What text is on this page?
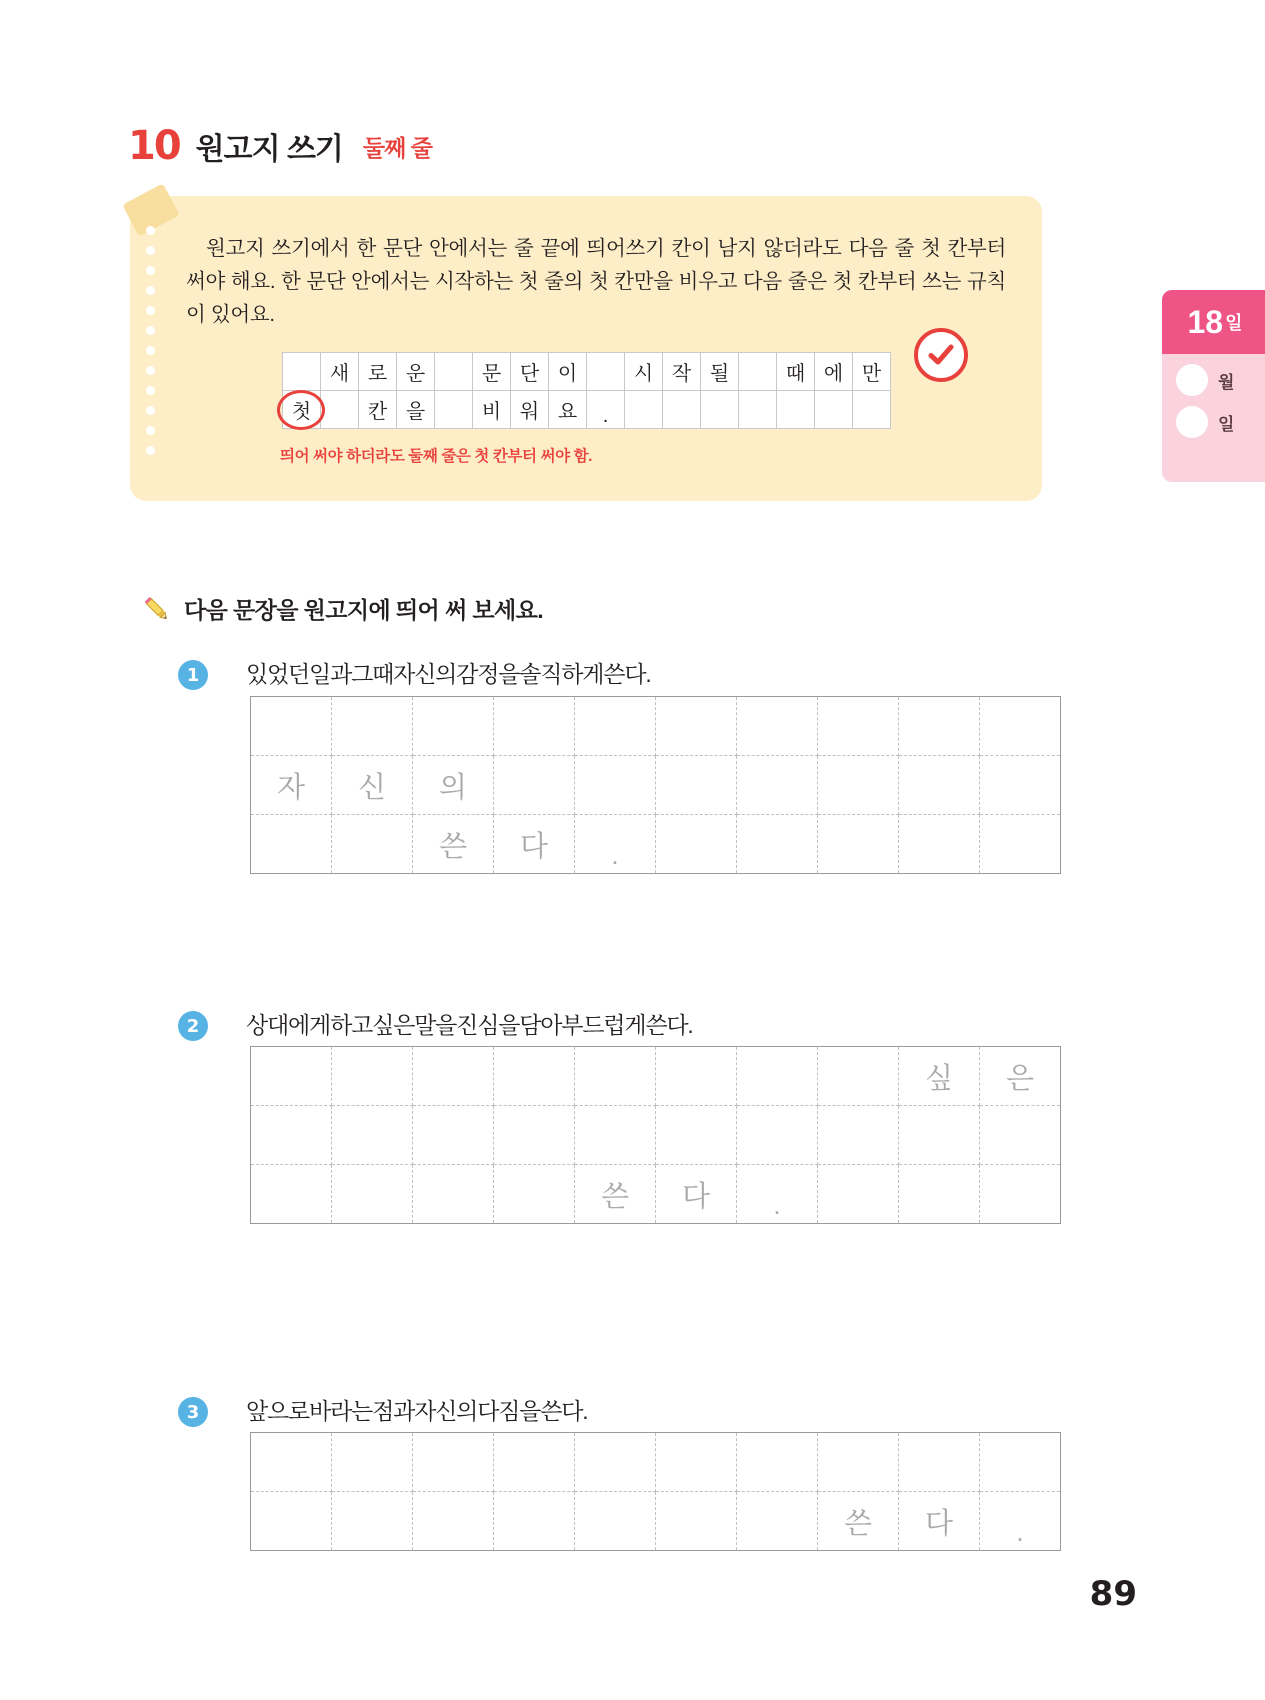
10 원고지 쓰기 둘째 줄
원고지 쓰기에서 한 문단 안에서는 줄 끝에 띄어쓰기 칸이 남지 않더라도 다음 줄 첫 칸부터 써야 해요. 한 문단 안에서는 시작하는 첫 줄의 첫 칸만을 비우고 다음 줄은 첫 칸부터 쓰는 규칙이 있어요.
	새	로	운		문	단	이		시	작	될		때	에	만
첫		칸	을		비	워	요	.							
띄어 써야 하더라도 둘째 줄은 첫 칸부터 써야 함.
18 일
월
일
다음 문장을 원고지에 띄어 써 보세요.
1	있었던일과그때자신의감정을솔직하게쓴다.

자	신	의							
		쓴	다	.					
2	상대에게하고싶은말을진심을담아부드럽게쓴다.
								싶	은

				쓴	다	.			
3	앞으로바라는점과자신의다짐을쓴다.

							쓴	다	.
89
